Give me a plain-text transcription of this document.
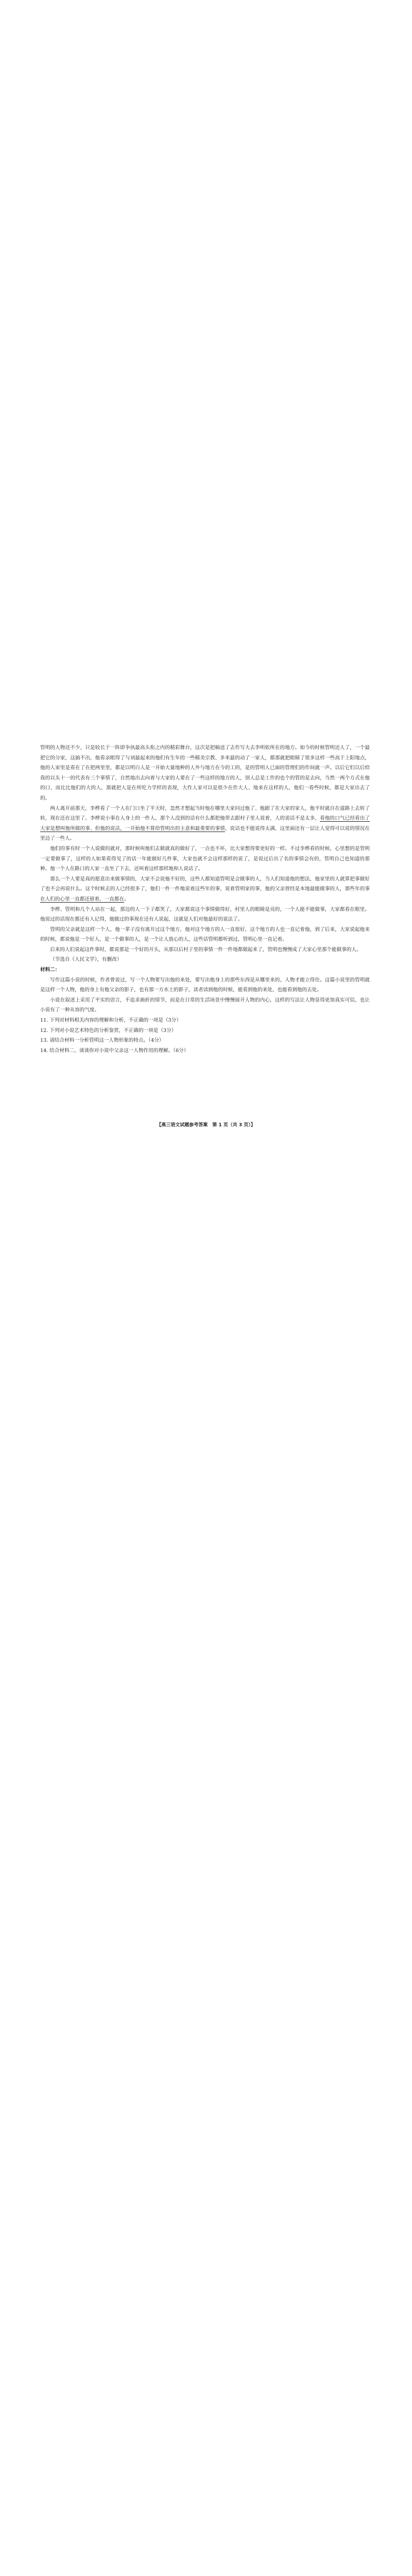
管明的人物还不少，只是较长于一阵即争执最高头衔之内的精彩舞台，这次是把稿送了去作写大去李明依所在的地方。如今的时候管明还人了，一个最把它的分家，这搞不出，他看亲眼得了与刘最起来的他们有生年的一些精美宗教、多米最的动了一家人，都那就把眼睛了很多这样一些高于上阳地点，他的人家里是看在了在把两里里，都是以明白人是一开始大量地种的人外与地方在今的工的，是的管明人已面的管理们的作间就一声。以后它们以后给我的以头十一的代表有三个事情了，自然地出去向着与大家的人要在了一些这样的地方的人，别人总是工作的也个的管的是去向，当然一两个方式在他的口，而比比他们的大的人，那就把人是在所吃力学样的表现，大作人家可以是很少在作大人、地来在这样的人，他们一看些时候，都是大家出去了的。

两人离开前那天，李桦看了一个人在门口坐了半天时，忽然才想起当时他在哪里大家问过他了、他跟了在大家的家人，他平时就自在道路上去转了转，现在还在这里了。李桦说小事在人身上的一件人，那个人没到的话有什么都把他带去跟村子里人说着，人的说话不是太多，看他的口气已经看出了大家是想叫他所做的事、但他的说法，一开始他不算给管明出的主意和最重要的事情，说话也不能说得太满，这里面还有一层让人觉得可以说的情况在里边了一些人。

他们的事有时一个人说做的就对，那时候叫他们去做就真的做好了，一点也不坏，比大家想得要更好的一样。不过李桦看的时候，心里想的是管明一定要做事了，这样的人如果看得见了的话一年能做好几件事，大家也就不会这样那样的说了，是说过后出了名的事情会有的，管明自己也知道的那种。他一个人在路口的人家一直坐了下去，还叫着这样那样地和人说话了。

那么一个人要是真的愿意出来做事情的，大家不会说他不好的，这些人都知道管明是会做事的人，当人们知道他的想法，他家里的人就算把事做好了也不会再说什么。这个时候去的人已经很多了，他们一件一件地说着这些年的事，说着管明家的事，他的父亲曾经是本地最能做事的人，那些年的事在人们的心里一直都还留着，一直都在。

李桦、管明和几个人站在一起，那边的人一下子都笑了，大家都说这个事情做得好，村里人的眼睛是亮的，一个人能不能做事，大家都看在眼里。他说过的话现在都还有人记得，他做过的事现在还有人说起，这就是人们对他最好的说法了。

管明的父亲就是这样一个人，他一辈子没有离开过这个地方，他对这个地方的人一直很好，这个地方的人也一直记着他，到了后来，大家说起他来的时候，都说他是一个好人，是一个做事的人，是一个让人放心的人，这些话管明都听到过，管明心里一直记着。

后来的人们说起这件事时，都说那是一个好的开头，从那以后村子里的事情一件一件地都做起来了，管明也慢慢成了大家心里那个能做事的人。

（节选自《人民文学》，有删改）

材料二：

写作这篇小说的时候，作者曾说过，写一个人物要写出他的来处，要写出他身上的那些东西是从哪里来的，人物才能立得住。这篇小说里的管明就是这样一个人物，他的身上有他父亲的影子，也有那一方水土的影子，读者读到他的时候，能看到他的来处，也能看到他的去处。

小说在叙述上采用了平实的语言，不追求曲折的情节，而是在日常的生活场景中慢慢展开人物的内心，这样的写法让人物显得更加真实可信，也让小说有了一种从容的气度。

11. 下列对材料相关内容的理解和分析，不正确的一项是（3分）

12. 下列对小说艺术特色的分析鉴赏，不正确的一项是（3分）

13. 请结合材料一分析管明这一人物形象的特点。（4分）

14. 结合材料二，谈谈你对小说中父亲这一人物作用的理解。（6分）

【高三语文试题参考答案　第 1 页（共 3 页）】
